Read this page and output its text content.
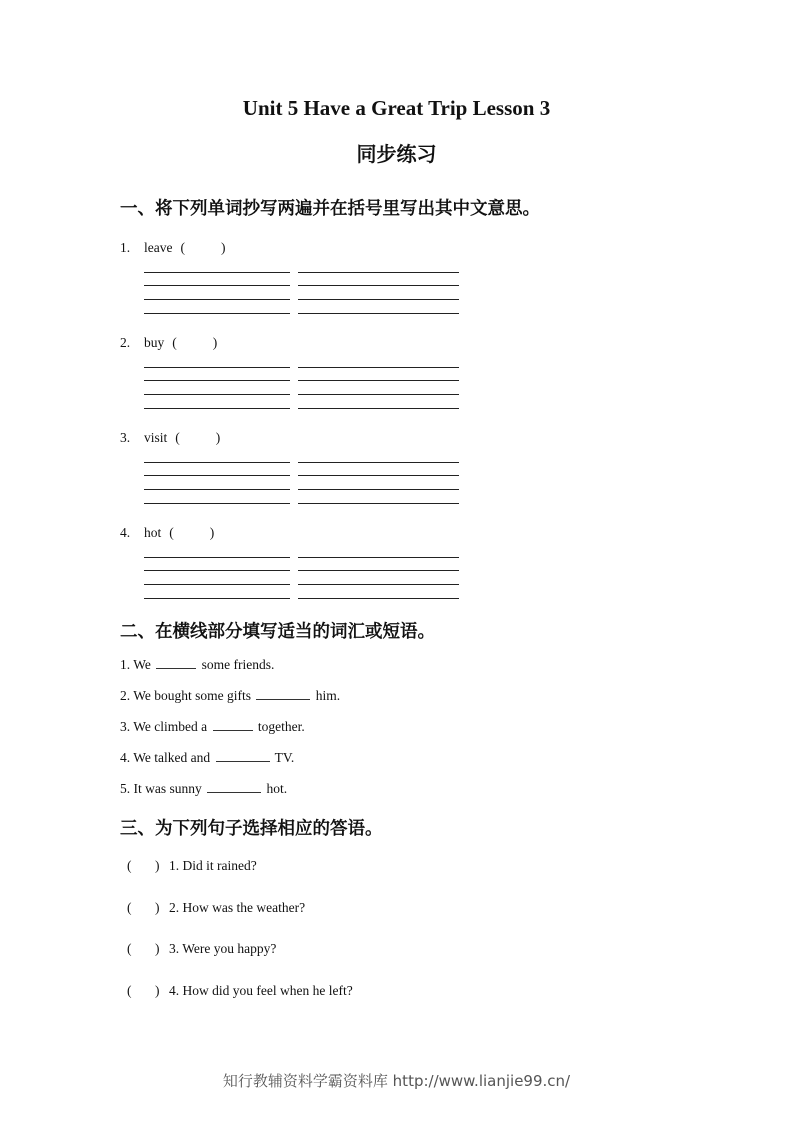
Unit 5 Have a Great Trip Lesson 3
同步练习
一、将下列单词抄写两遍并在括号里写出其中文意思。
1. leave (	)
2. buy (	)
3. visit (	)
4. hot (	)
二、在横线部分填写适当的词汇或短语。
1. We	some friends.
2. We bought some gifts	him.
3. We climbed a	together.
4. We talked and	TV.
5. It was sunny	hot.
三、为下列句子选择相应的答语。
( ) 1. Did it rained?
( ) 2. How was the weather?
( ) 3. Were you happy?
( ) 4. How did you feel when he left?
知行教辅资料学霸资料库 http://www.lianjie99.cn/
